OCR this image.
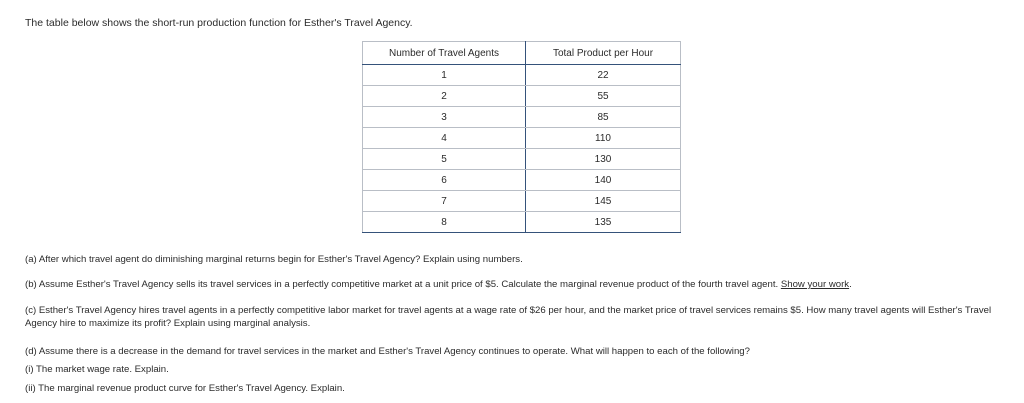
The table below shows the short-run production function for Esther's Travel Agency.
Number of Travel Agents	Total Product per Hour
1	22
2	55
3	85
4	110
5	130
6	140
7	145
8	135
(a) After which travel agent do diminishing marginal returns begin for Esther's Travel Agency? Explain using numbers.
(b) Assume Esther's Travel Agency sells its travel services in a perfectly competitive market at a unit price of $5. Calculate the marginal revenue product of the fourth travel agent. Show your work.
(c) Esther's Travel Agency hires travel agents in a perfectly competitive labor market for travel agents at a wage rate of $26 per hour, and the market price of travel services remains $5. How many travel agents will Esther's Travel Agency hire to maximize its profit? Explain using marginal analysis.
(d) Assume there is a decrease in the demand for travel services in the market and Esther's Travel Agency continues to operate. What will happen to each of the following?
(i) The market wage rate. Explain.
(ii) The marginal revenue product curve for Esther's Travel Agency. Explain.
